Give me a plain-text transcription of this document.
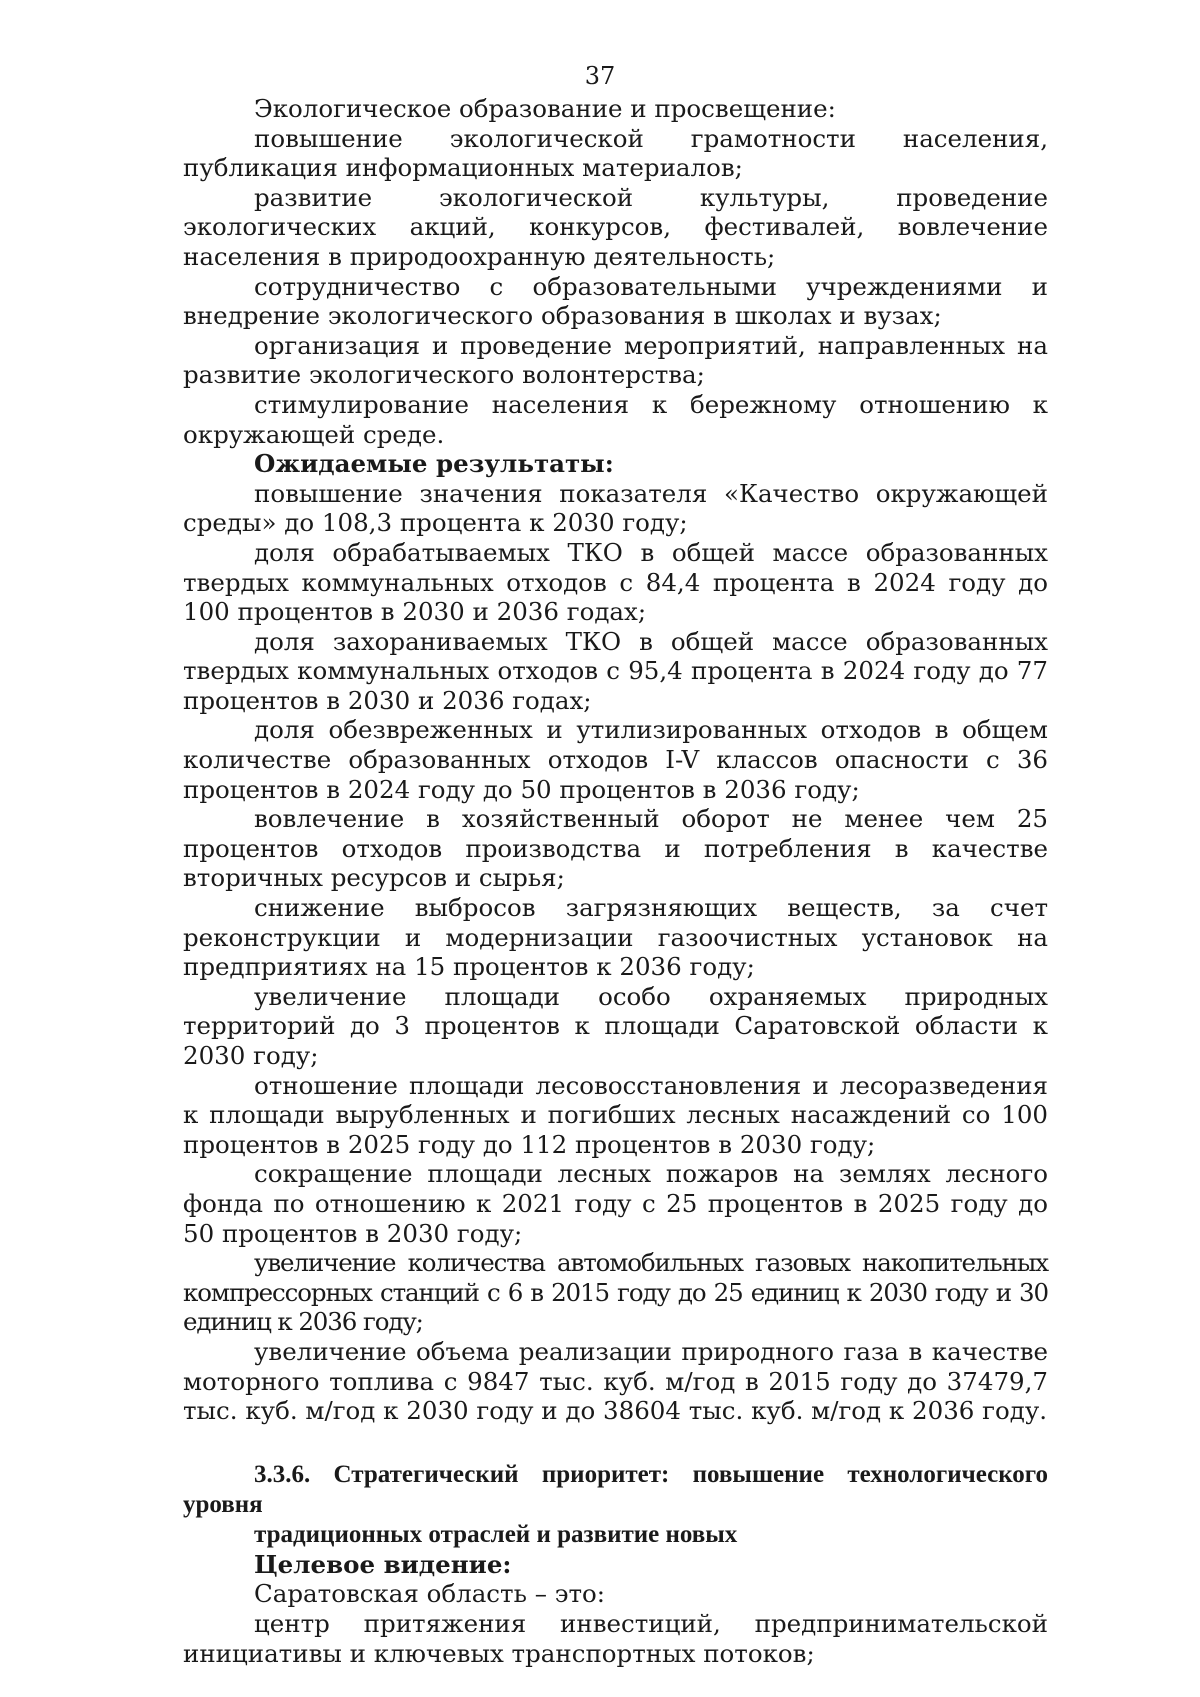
37

Экологическое образование и просвещение:

повышение экологической грамотности населения, публикация информационных материалов;

развитие экологической культуры, проведение экологических акций, конкурсов, фестивалей, вовлечение населения в природоохранную деятельность;

сотрудничество с образовательными учреждениями и внедрение экологического образования в школах и вузах;

организация и проведение мероприятий, направленных на развитие экологического волонтерства;

стимулирование населения к бережному отношению к окружающей среде.

Ожидаемые результаты:

повышение значения показателя «Качество окружающей среды» до 108,3 процента к 2030 году;

доля обрабатываемых ТКО в общей массе образованных твердых коммунальных отходов с 84,4 процента в 2024 году до 100 процентов в 2030 и 2036 годах;

доля захораниваемых ТКО в общей массе образованных твердых коммунальных отходов с 95,4 процента в 2024 году до 77 процентов в 2030 и 2036 годах;

доля обезвреженных и утилизированных отходов в общем количестве образованных отходов I-V классов опасности с 36 процентов в 2024 году до 50 процентов в 2036 году;

вовлечение в хозяйственный оборот не менее чем 25 процентов отходов производства и потребления в качестве вторичных ресурсов и сырья;

снижение выбросов загрязняющих веществ, за счет реконструкции и модернизации газоочистных установок на предприятиях на 15 процентов к 2036 году;

увеличение площади особо охраняемых природных территорий до 3 процентов к площади Саратовской области к 2030 году;

отношение площади лесовосстановления и лесоразведения к площади вырубленных и погибших лесных насаждений со 100 процентов в 2025 году до 112 процентов в 2030 году;

сокращение площади лесных пожаров на землях лесного фонда по отношению к 2021 году с 25 процентов в 2025 году до 50 процентов в 2030 году;

увеличение количества автомобильных газовых накопительных компрессорных станций с 6 в 2015 году до 25 единиц к 2030 году и 30 единиц к 2036 году;

увеличение объема реализации природного газа в качестве моторного топлива с 9847 тыс. куб. м/год в 2015 году до 37479,7 тыс. куб. м/год к 2030 году и до 38604 тыс. куб. м/год к 2036 году.

3.3.6. Стратегический приоритет: повышение технологического уровня
традиционных отраслей и развитие новых

Целевое видение:

Саратовская область – это:

центр притяжения инвестиций, предпринимательской инициативы и ключевых транспортных потоков;
